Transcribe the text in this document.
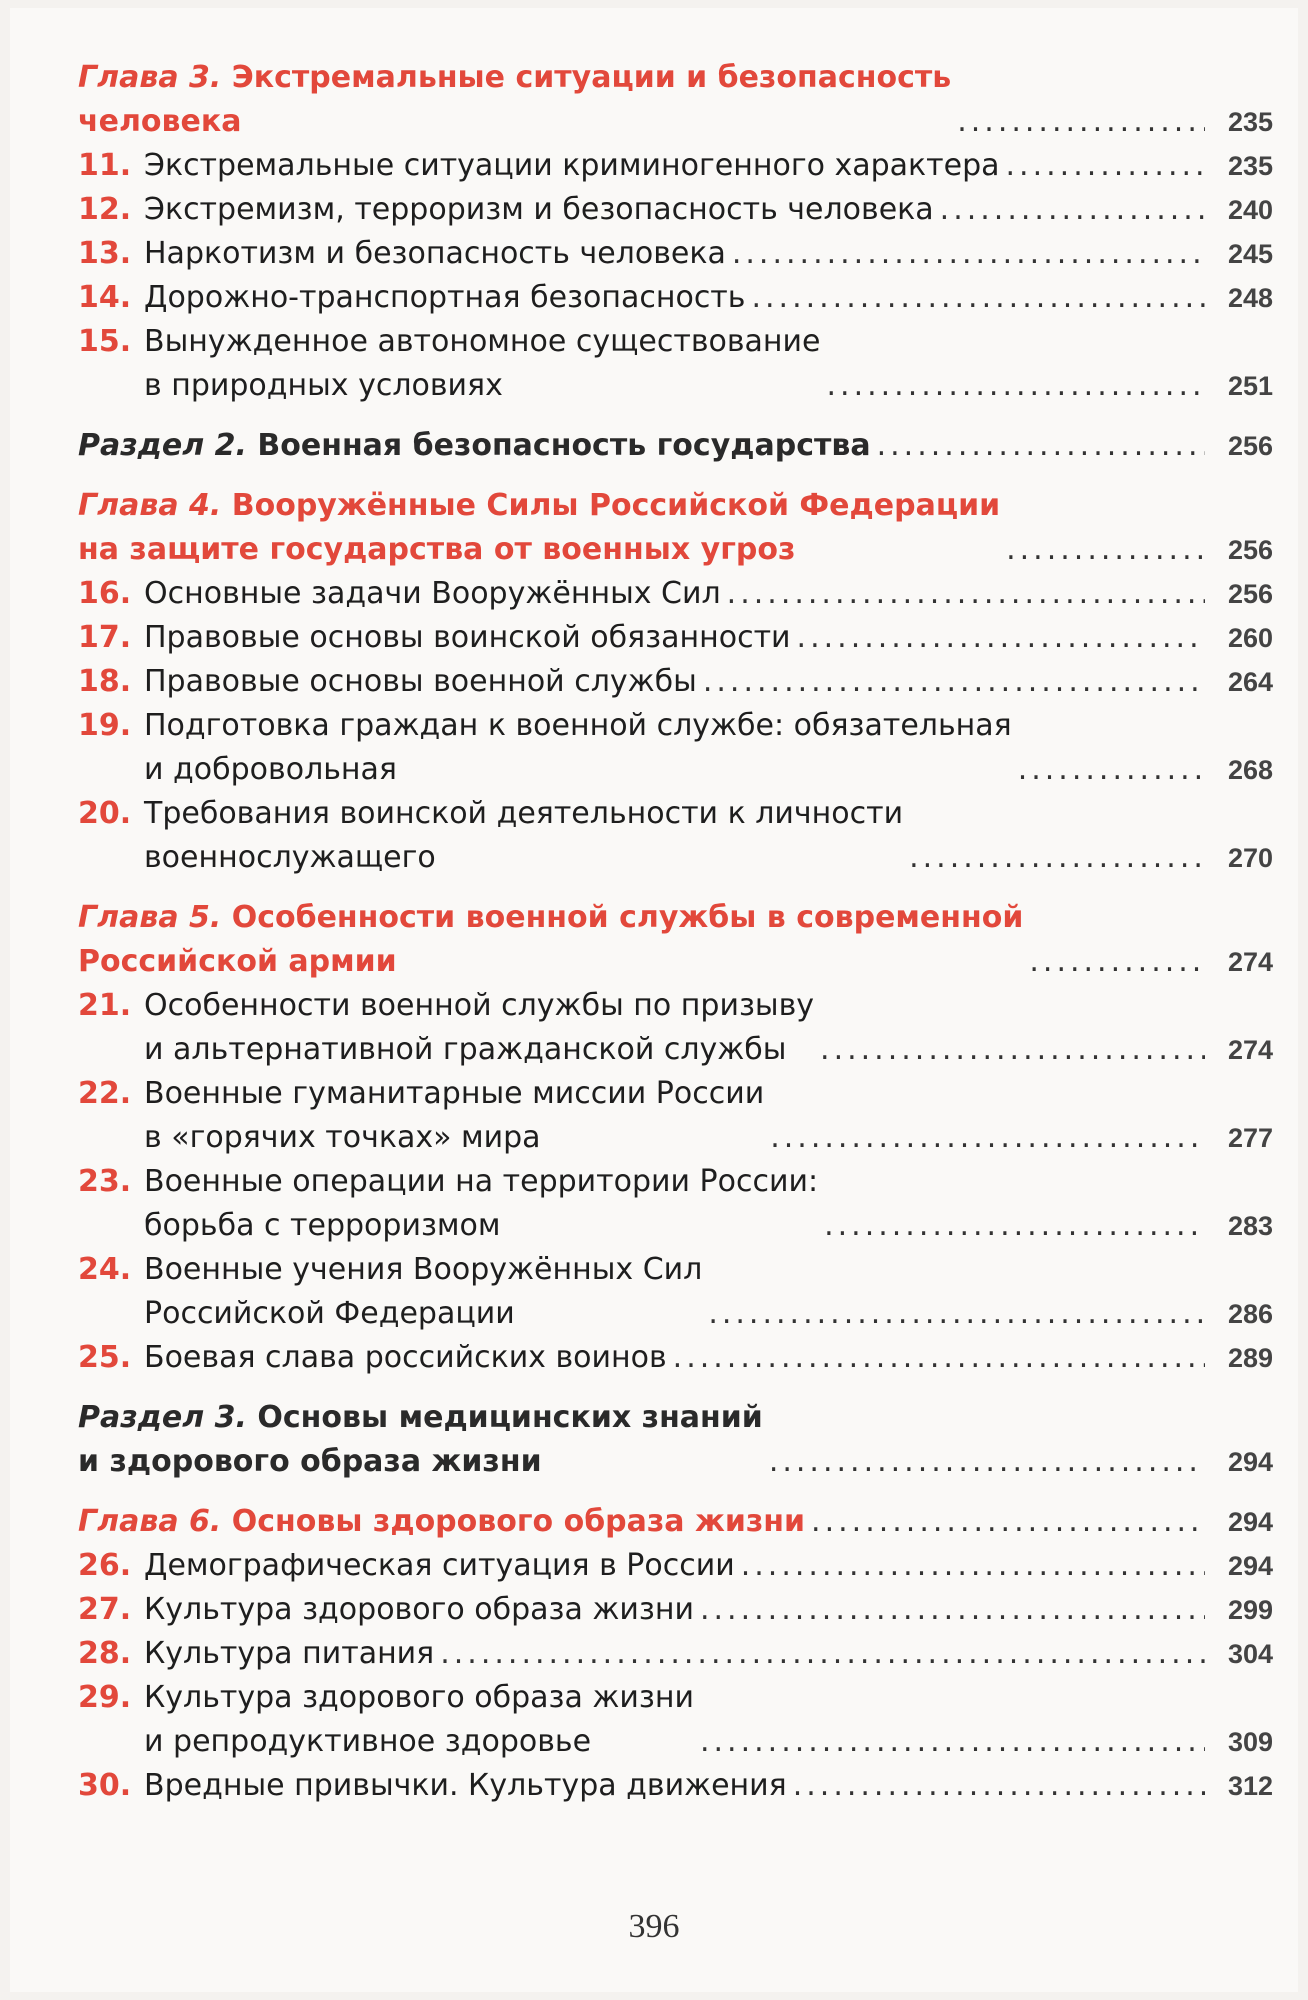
Глава 3. Экстремальные ситуации и безопасность
человека .....	235
11. Экстремальные ситуации криминогенного характера .....	235
12. Экстремизм, терроризм и безопасность человека .....	240
13. Наркотизм и безопасность человека .....	245
14. Дорожно-транспортная безопасность .....	248
15. Вынужденное автономное существование
в природных условиях .....	251
Раздел 2. Военная безопасность государства .....	256
Глава 4. Вооружённые Силы Российской Федерации
на защите государства от военных угроз .....	256
16. Основные задачи Вооружённых Сил .....	256
17. Правовые основы воинской обязанности .....	260
18. Правовые основы военной службы .....	264
19. Подготовка граждан к военной службе: обязательная
и добровольная .....	268
20. Требования воинской деятельности к личности
военнослужащего .....	270
Глава 5. Особенности военной службы в современной
Российской армии .....	274
21. Особенности военной службы по призыву
и альтернативной гражданской службы .....	274
22. Военные гуманитарные миссии России
в «горячих точках» мира .....	277
23. Военные операции на территории России:
борьба с терроризмом .....	283
24. Военные учения Вооружённых Сил
Российской Федерации .....	286
25. Боевая слава российских воинов .....	289
Раздел 3. Основы медицинских знаний
и здорового образа жизни .....	294
Глава 6. Основы здорового образа жизни .....	294
26. Демографическая ситуация в России .....	294
27. Культура здорового образа жизни .....	299
28. Культура питания .....	304
29. Культура здорового образа жизни
и репродуктивное здоровье .....	309
30. Вредные привычки. Культура движения .....	312
396
